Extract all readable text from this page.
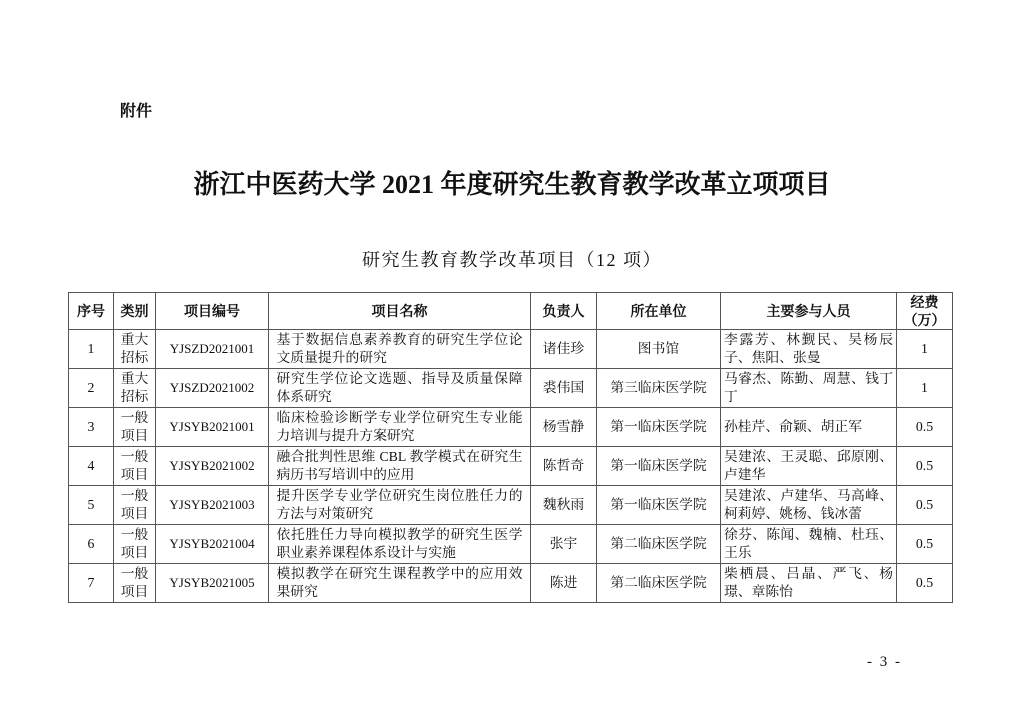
附件
浙江中医药大学 2021 年度研究生教育教学改革立项项目
研究生教育教学改革项目（12 项）
序号	类别	项目编号	项目名称	负责人	所在单位	主要参与人员	经费（万）
1	重大招标	YJSZD2021001	基于数据信息素养教育的研究生学位论文质量提升的研究	诸佳珍	图书馆	李露芳、林觐民、吴杨辰子、焦阳、张曼	1
2	重大招标	YJSZD2021002	研究生学位论文选题、指导及质量保障体系研究	裘伟国	第三临床医学院	马睿杰、陈勤、周慧、钱丁丁	1
3	一般项目	YJSYB2021001	临床检验诊断学专业学位研究生专业能力培训与提升方案研究	杨雪静	第一临床医学院	孙桂芹、俞颖、胡正军	0.5
4	一般项目	YJSYB2021002	融合批判性思维 CBL 教学模式在研究生病历书写培训中的应用	陈哲奇	第一临床医学院	吴建浓、王灵聪、邱原刚、卢建华	0.5
5	一般项目	YJSYB2021003	提升医学专业学位研究生岗位胜任力的方法与对策研究	魏秋雨	第一临床医学院	吴建浓、卢建华、马高峰、柯莉婷、姚杨、钱冰蕾	0.5
6	一般项目	YJSYB2021004	依托胜任力导向模拟教学的研究生医学职业素养课程体系设计与实施	张宇	第二临床医学院	徐芬、陈闻、魏楠、杜珏、王乐	0.5
7	一般项目	YJSYB2021005	模拟教学在研究生课程教学中的应用效果研究	陈进	第二临床医学院	柴栖晨、吕晶、严飞、杨璟、章陈怡	0.5
- 3 -
